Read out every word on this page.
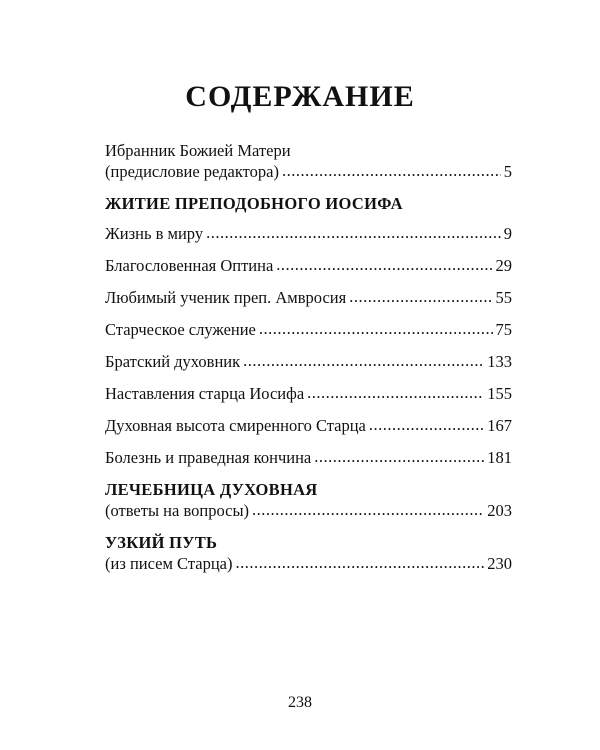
СОДЕРЖАНИЕ
Ибранник Божией Матери
(предисловие редактора) .....	5
ЖИТИЕ ПРЕПОДОБНОГО ИОСИФА
Жизнь в миру .....	9
Благословенная Оптина .....	29
Любимый ученик преп. Амвросия .....	55
Старческое служение .....	75
Братский духовник .....	133
Наставления старца Иосифа .....	155
Духовная высота смиренного Старца .....	167
Болезнь и праведная кончина .....	181
ЛЕЧЕБНИЦА ДУХОВНАЯ
(ответы на вопросы) .....	203
УЗКИЙ ПУТЬ
(из писем Старца) .....	230
238
